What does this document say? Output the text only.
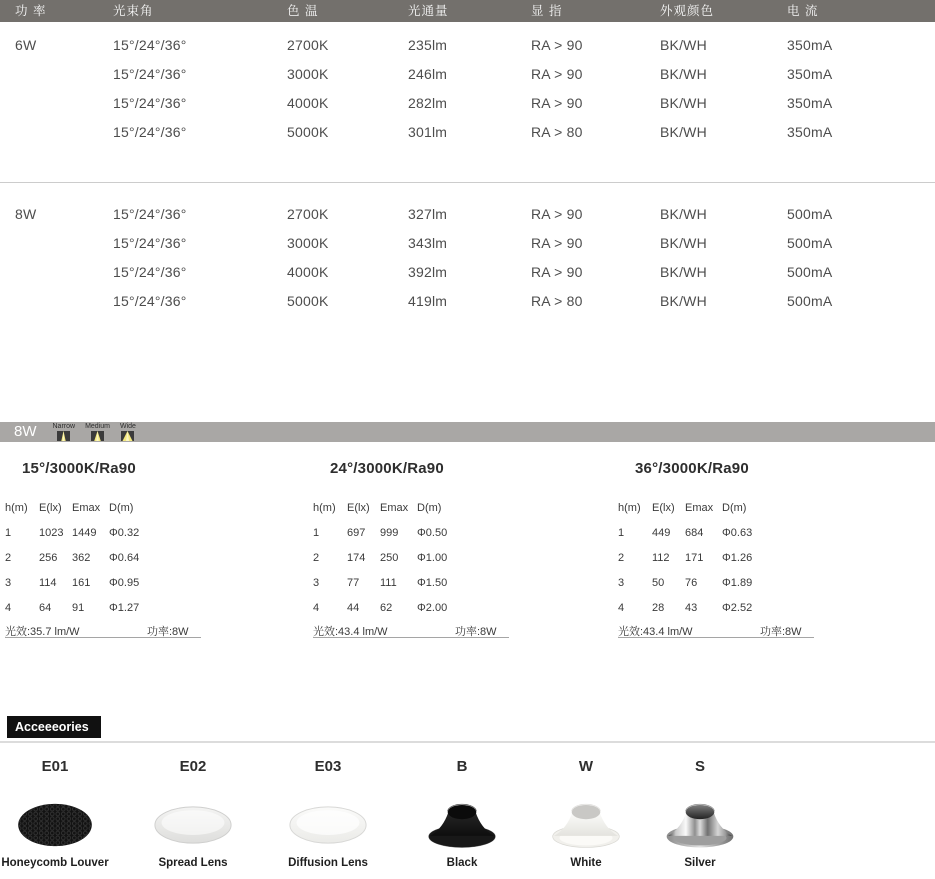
功 率	光束角	色 温	光通量	显 指	外观颜色	电 流
6W	15°/24°/36°	2700K	235lm	RA > 90	BK/WH	350mA
15°/24°/36°	3000K	246lm	RA > 90	BK/WH	350mA
15°/24°/36°	4000K	282lm	RA > 90	BK/WH	350mA
15°/24°/36°	5000K	301lm	RA > 80	BK/WH	350mA
8W	15°/24°/36°	2700K	327lm	RA > 90	BK/WH	500mA
15°/24°/36°	3000K	343lm	RA > 90	BK/WH	500mA
15°/24°/36°	4000K	392lm	RA > 90	BK/WH	500mA
15°/24°/36°	5000K	419lm	RA > 80	BK/WH	500mA
8W Narrow Medium Wide
15°/3000K/Ra90
h(m)	E(lx) Emax D(m)
1	1023 1449	Φ0.32
2	256	362	Φ0.64
3	114	161	Φ0.95
4	64	91	Φ1.27
光效:35.7 lm/W	功率:8W
24°/3000K/Ra90
h(m)	E(lx) Emax D(m)
1	697	999	Φ0.50
2	174	250	Φ1.00
3	77	111	Φ1.50
4	44	62	Φ2.00
光效:43.4 lm/W	功率:8W
36°/3000K/Ra90
h(m)	E(lx) Emax D(m)
1	449	684	Φ0.63
2	112	171	Φ1.26
3	50	76	Φ1.89
4	28	43	Φ2.52
光效:43.4 lm/W	功率:8W
Acceeeories
E01
Honeycomb Louver
E02
Spread Lens
E03
Diffusion Lens
B
Black
W
White
S
Silver
